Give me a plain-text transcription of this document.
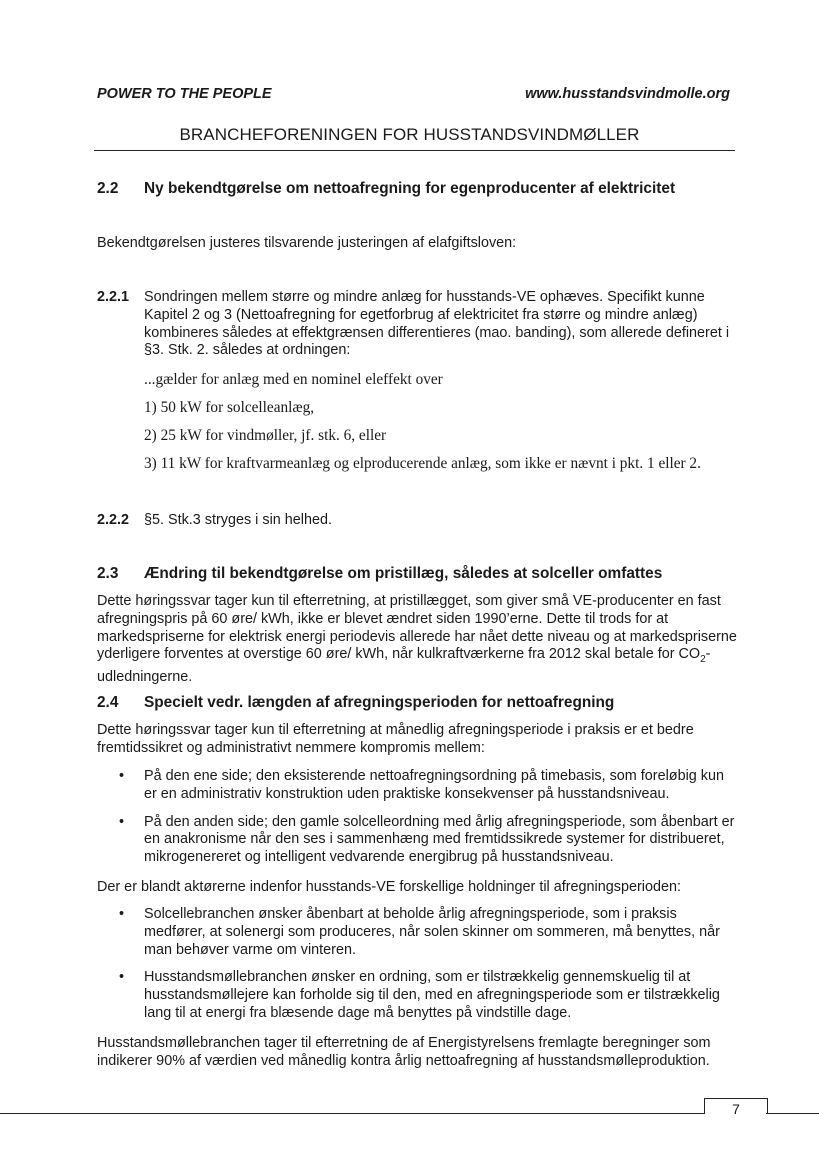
POWER TO THE PEOPLE	www.husstandsvindmolle.org
BRANCHEFORENINGEN FOR HUSSTANDSVINDMØLLER
2.2 Ny bekendtgørelse om nettoafregning for egenproducenter af elektricitet
Bekendtgørelsen justeres tilsvarende justeringen af elafgiftsloven:
2.2.1 Sondringen mellem større og mindre anlæg for husstands-VE ophæves. Specifikt kunne Kapitel 2 og 3 (Nettoafregning for egetforbrug af elektricitet fra større og mindre anlæg) kombineres således at effektgrænsen differentieres (mao. banding), som allerede defineret i §3. Stk. 2. således at ordningen:
...gælder for anlæg med en nominel eleffekt over
1) 50 kW for solcelleanlæg,
2) 25 kW for vindmøller, jf. stk. 6, eller
3) 11 kW for kraftvarmeanlæg og elproducerende anlæg, som ikke er nævnt i pkt. 1 eller 2.
2.2.2 §5. Stk.3 stryges i sin helhed.
2.3 Ændring til bekendtgørelse om pristillæg, således at solceller omfattes
Dette høringssvar tager kun til efterretning, at pristillægget, som giver små VE-producenter en fast afregningspris på 60 øre/ kWh, ikke er blevet ændret siden 1990’erne. Dette til trods for at markedspriserne for elektrisk energi periodevis allerede har nået dette niveau og at markedspriserne yderligere forventes at overstige 60 øre/ kWh, når kulkraftværkerne fra 2012 skal betale for $CO_2$-udledningerne.
2.4 Specielt vedr. længden af afregningsperioden for nettoafregning
Dette høringssvar tager kun til efterretning at månedlig afregningsperiode i praksis er et bedre fremtidssikret og administrativt nemmere kompromis mellem:
• På den ene side; den eksisterende nettoafregningsordning på timebasis, som foreløbig kun er en administrativ konstruktion uden praktiske konsekvenser på husstandsniveau.
• På den anden side; den gamle solcelleordning med årlig afregningsperiode, som åbenbart er en anakronisme når den ses i sammenhæng med fremtidssikrede systemer for distribueret, mikrogenereret og intelligent vedvarende energibrug på husstandsniveau.
Der er blandt aktørerne indenfor husstands-VE forskellige holdninger til afregningsperioden:
• Solcellebranchen ønsker åbenbart at beholde årlig afregningsperiode, som i praksis medfører, at solenergi som produceres, når solen skinner om sommeren, må benyttes, når man behøver varme om vinteren.
• Husstandsmøllebranchen ønsker en ordning, som er tilstrækkelig gennemskuelig til at husstandsmøllejere kan forholde sig til den, med en afregningsperiode som er tilstrækkelig lang til at energi fra blæsende dage må benyttes på vindstille dage.
Husstandsmøllebranchen tager til efterretning de af Energistyrelsens fremlagte beregninger som indikerer 90% af værdien ved månedlig kontra årlig nettoafregning af husstandsmølleproduktion.
7
